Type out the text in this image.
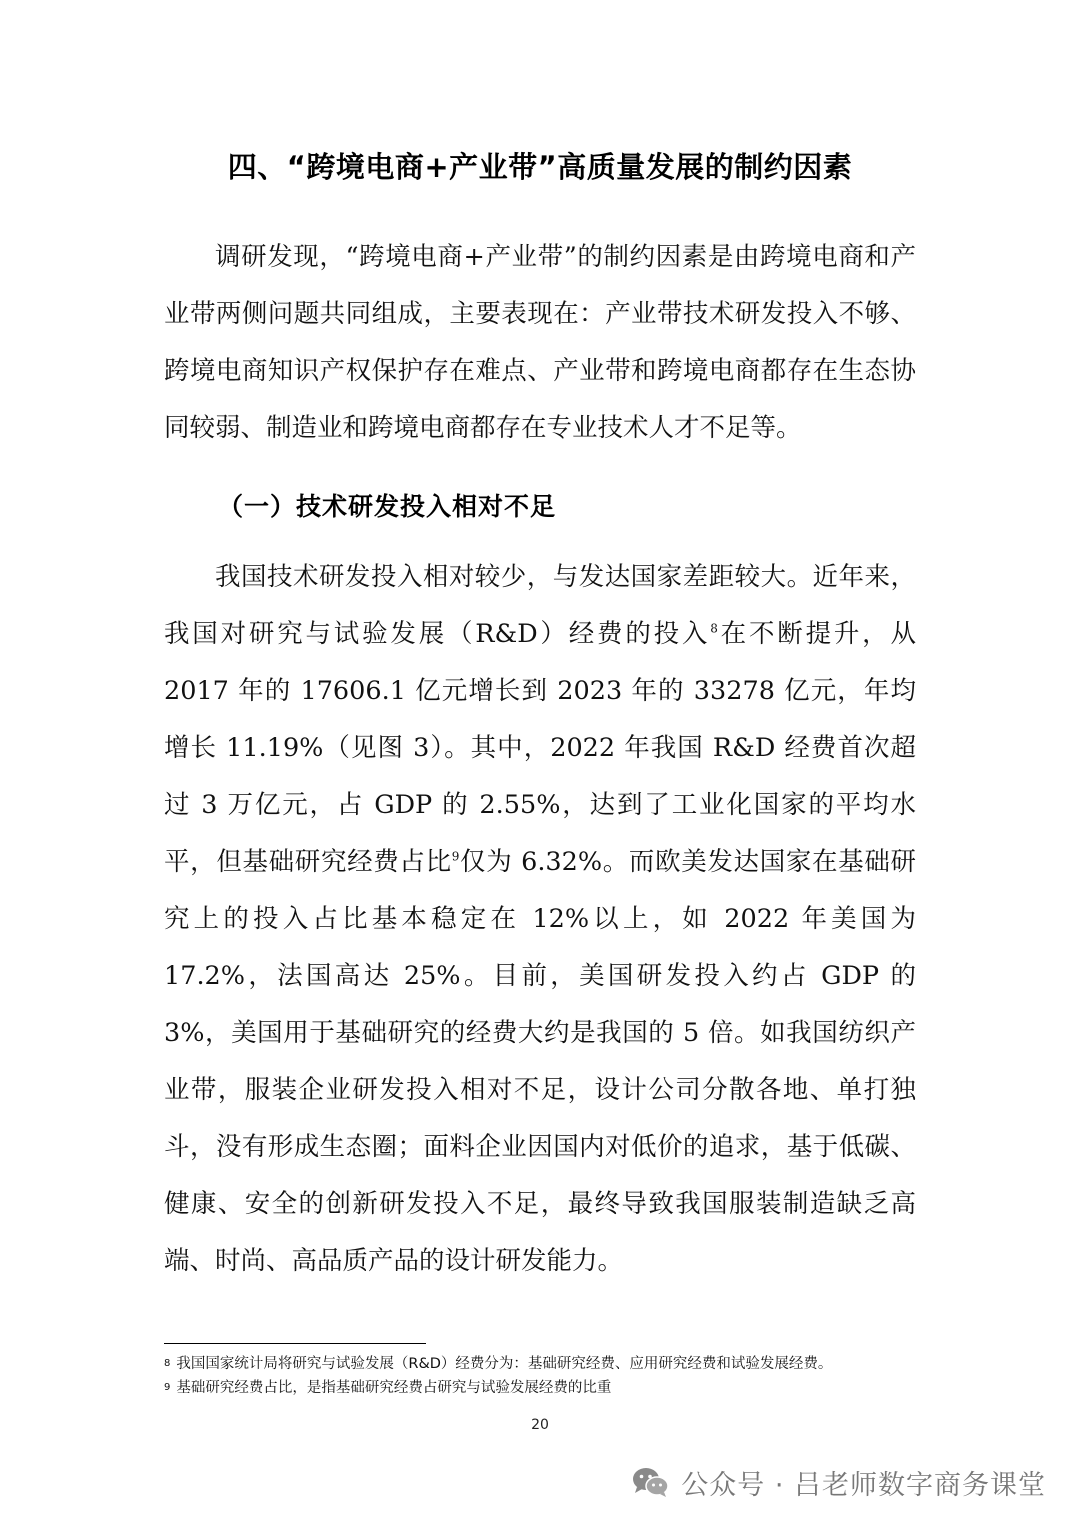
四、“跨境电商+产业带”高质量发展的制约因素
调研发现，“跨境电商+产业带”的制约因素是由跨境电商和产业带两侧问题共同组成，主要表现在：产业带技术研发投入不够、跨境电商知识产权保护存在难点、产业带和跨境电商都存在生态协同较弱、制造业和跨境电商都存在专业技术人才不足等。
（一）技术研发投入相对不足
我国技术研发投入相对较少，与发达国家差距较大。近年来，我国对研究与试验发展（R&D）经费的投入$^8$在不断提升，从 2017 年的 17606.1 亿元增长到 2023 年的 33278 亿元，年均增长 11.19%（见图 3）。其中，2022 年我国 R&D 经费首次超过 3 万亿元，占 GDP 的 2.55%，达到了工业化国家的平均水平，但基础研究经费占比$^9$仅为 6.32%。而欧美发达国家在基础研究上的投入占比基本稳定在 12%以上，如 2022 年美国为 17.2%，法国高达 25%。目前，美国研发投入约占 GDP 的 3%，美国用于基础研究的经费大约是我国的 5 倍。如我国纺织产业带，服装企业研发投入相对不足，设计公司分散各地、单打独斗，没有形成生态圈；面料企业因国内对低价的追求，基于低碳、健康、安全的创新研发投入不足，最终导致我国服装制造缺乏高端、时尚、高品质产品的设计研发能力。
$^8$ 我国国家统计局将研究与试验发展（R&D）经费分为：基础研究经费、应用研究经费和试验发展经费。
$^9$ 基础研究经费占比，是指基础研究经费占研究与试验发展经费的比重
20
公众号 · 吕老师数字商务课堂
